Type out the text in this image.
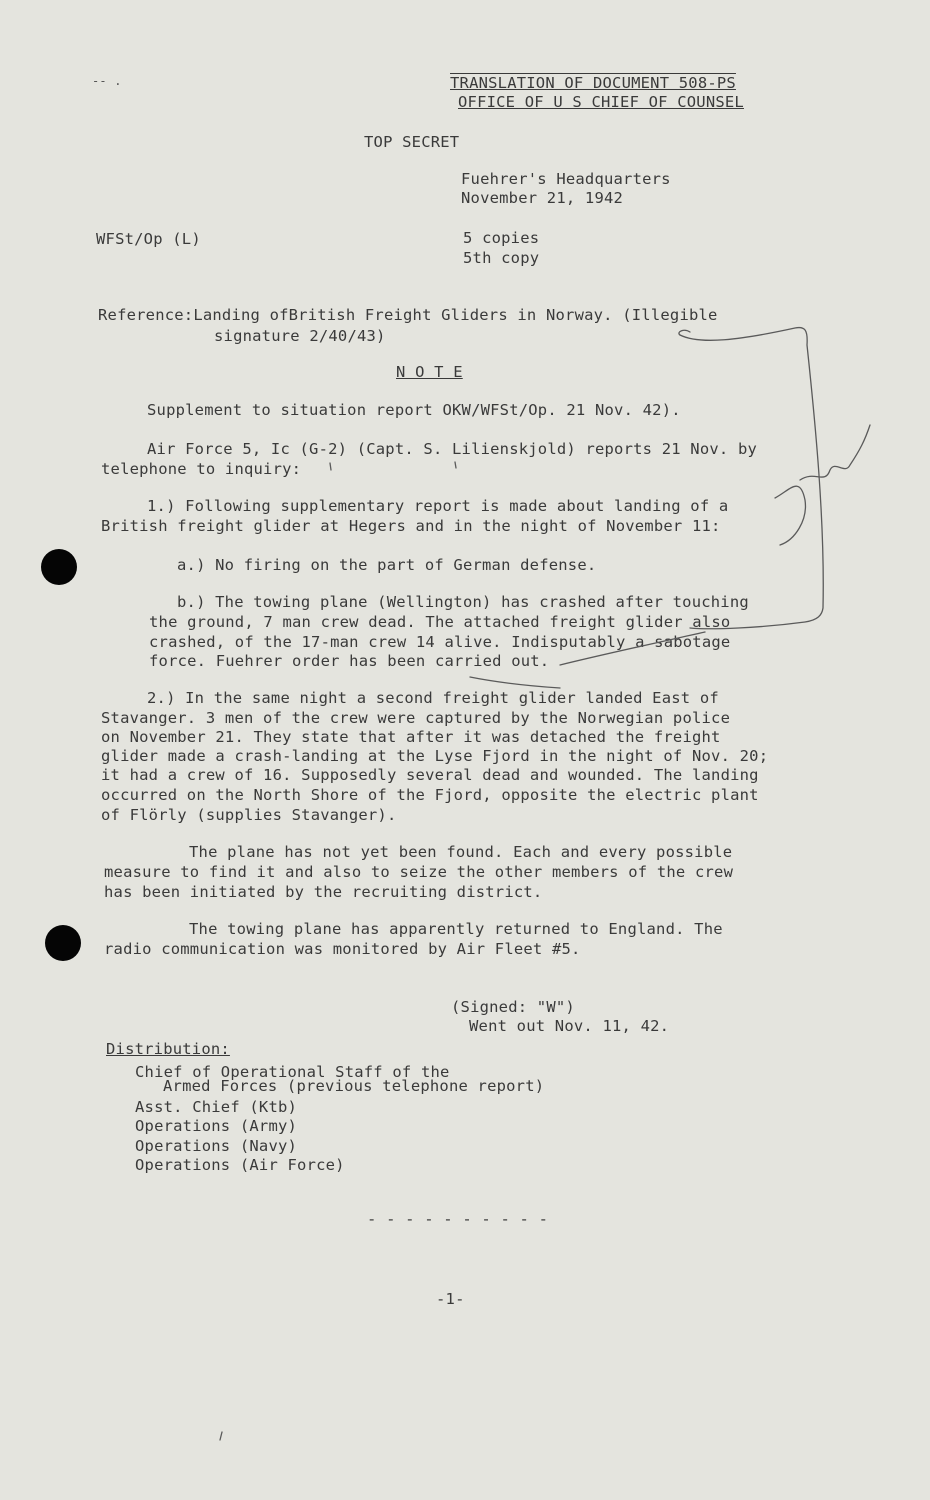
-- .	TRANSLATION OF DOCUMENT 508-PS
OFFICE OF U S CHIEF OF COUNSEL
TOP SECRET
Fuehrer's Headquarters
November 21, 1942
WFSt/Op (L)	5 copies
5th copy
Reference:Landing ofBritish Freight Gliders in Norway. (Illegible
signature 2/40/43)
N O T E
Supplement to situation report OKW/WFSt/Op. 21 Nov. 42).
Air Force 5, Ic (G-2) (Capt. S. Lilienskjold) reports 21 Nov. by
telephone to inquiry:
1.) Following supplementary report is made about landing of a
British freight glider at Hegers and in the night of November 11:
a.) No firing on the part of German defense.
b.) The towing plane (Wellington) has crashed after touching
the ground, 7 man crew dead. The attached freight glider also
crashed, of the 17-man crew 14 alive. Indisputably a sabotage
force. Fuehrer order has been carried out.
2.) In the same night a second freight glider landed East of
Stavanger. 3 men of the crew were captured by the Norwegian police
on November 21. They state that after it was detached the freight
glider made a crash-landing at the Lyse Fjord in the night of Nov. 20;
it had a crew of 16. Supposedly several dead and wounded. The landing
occurred on the North Shore of the Fjord, opposite the electric plant
of Flörly (supplies Stavanger).
The plane has not yet been found. Each and every possible
measure to find it and also to seize the other members of the crew
has been initiated by the recruiting district.
The towing plane has apparently returned to England. The
radio communication was monitored by Air Fleet #5.
(Signed: "W")
Went out Nov. 11, 42.
Distribution:
Chief of Operational Staff of the
Armed Forces (previous telephone report)
Asst. Chief (Ktb)
Operations (Army)
Operations (Navy)
Operations (Air Force)
- - - - - - - - - -
-1-
